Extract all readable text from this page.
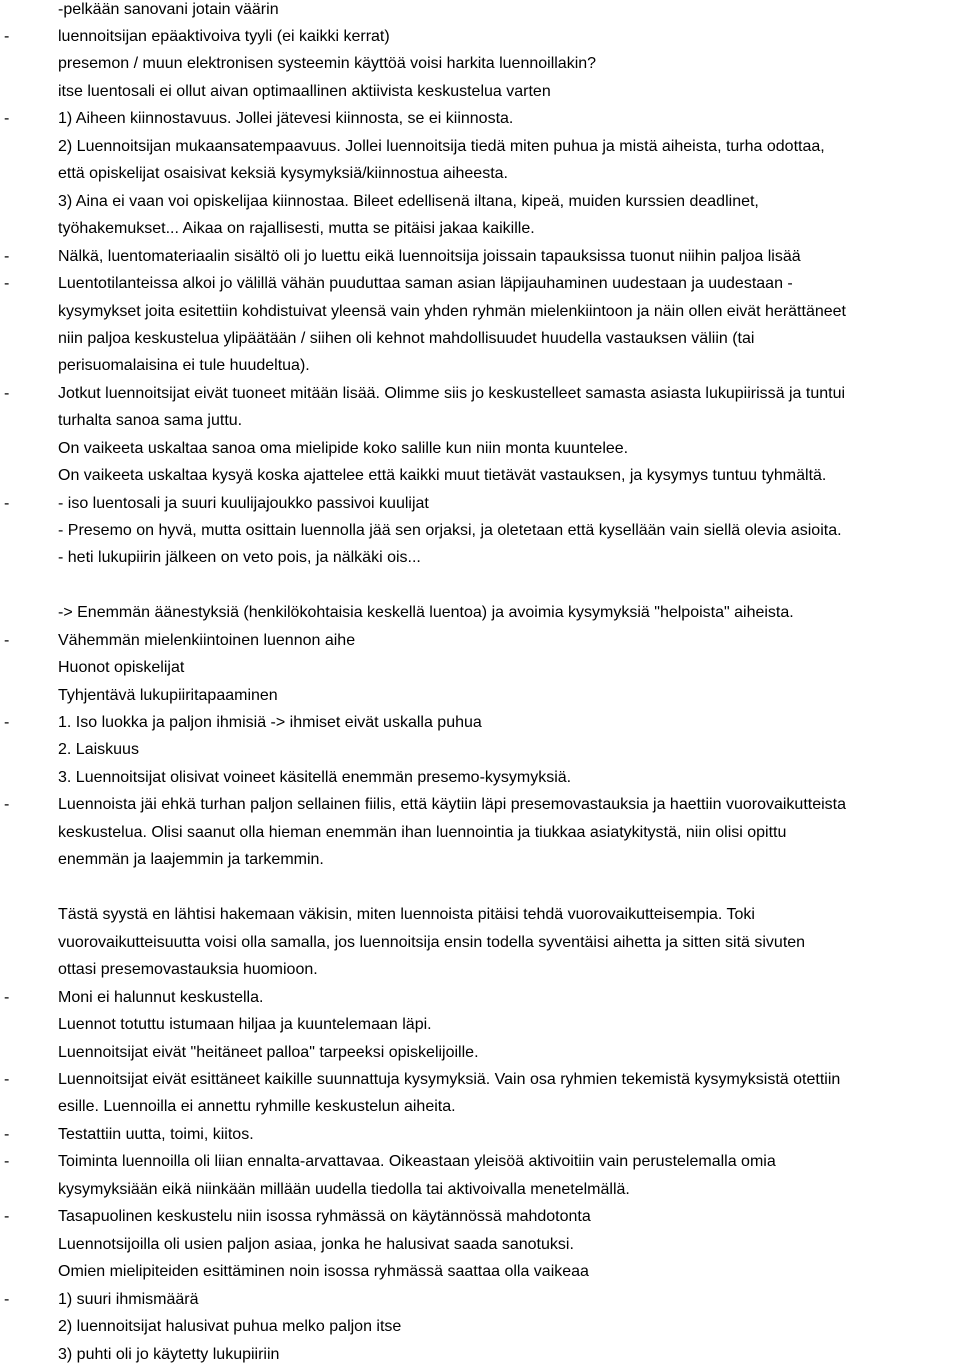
-pelkään sanovani jotain väärin
-	luennoitsijan epäaktivoiva tyyli (ei kaikki kerrat)
presemon / muun elektronisen systeemin käyttöä voisi harkita luennoillakin?
itse luentosali ei ollut aivan optimaallinen aktiivista keskustelua varten
-	1) Aiheen kiinnostavuus. Jollei jätevesi kiinnosta, se ei kiinnosta.
2) Luennoitsijan mukaansatempaavuus. Jollei luennoitsija tiedä miten puhua ja mistä aiheista, turha odottaa,
että opiskelijat osaisivat keksiä kysymyksiä/kiinnostua aiheesta.
3) Aina ei vaan voi opiskelijaa kiinnostaa. Bileet edellisenä iltana, kipeä, muiden kurssien deadlinet,
työhakemukset... Aikaa on rajallisesti, mutta se pitäisi jakaa kaikille.
-	Nälkä, luentomateriaalin sisältö oli jo luettu eikä luennoitsija joissain tapauksissa tuonut niihin paljoa lisää
-	Luentotilanteissa alkoi jo välillä vähän puuduttaa saman asian läpijauhaminen uudestaan ja uudestaan -
kysymykset joita esitettiin kohdistuivat yleensä vain yhden ryhmän mielenkiintoon ja näin ollen eivät herättäneet
niin paljoa keskustelua ylipäätään / siihen oli kehnot mahdollisuudet huudella vastauksen väliin (tai
perisuomalaisina ei tule huudeltua).
-	Jotkut luennoitsijat eivät tuoneet mitään lisää. Olimme siis jo keskustelleet samasta asiasta lukupiirissä ja tuntui
turhalta sanoa sama juttu.
On vaikeeta uskaltaa sanoa oma mielipide koko salille kun niin monta kuuntelee.
On vaikeeta uskaltaa kysyä koska ajattelee että kaikki muut tietävät vastauksen, ja kysymys tuntuu tyhmältä.
-	- iso luentosali ja suuri kuulijajoukko passivoi kuulijat
- Presemo on hyvä, mutta osittain luennolla jää sen orjaksi, ja oletetaan että kysellään vain siellä olevia asioita.
- heti lukupiirin jälkeen on veto pois, ja nälkäki ois...
-> Enemmän äänestyksiä (henkilökohtaisia keskellä luentoa) ja avoimia kysymyksiä "helpoista" aiheista.
-	Vähemmän mielenkiintoinen luennon aihe
Huonot opiskelijat
Tyhjentävä lukupiiritapaaminen
-	1. Iso luokka ja paljon ihmisiä -> ihmiset eivät uskalla puhua
2. Laiskuus
3. Luennoitsijat olisivat voineet käsitellä enemmän presemo-kysymyksiä.
-	Luennoista jäi ehkä turhan paljon sellainen fiilis, että käytiin läpi presemovastauksia ja haettiin vuorovaikutteista
keskustelua. Olisi saanut olla hieman enemmän ihan luennointia ja tiukkaa asiatykitystä, niin olisi opittu
enemmän ja laajemmin ja tarkemmin.
Tästä syystä en lähtisi hakemaan väkisin, miten luennoista pitäisi tehdä vuorovaikutteisempia. Toki
vuorovaikutteisuutta voisi olla samalla, jos luennoitsija ensin todella syventäisi aihetta ja sitten sitä sivuten
ottasi presemovastauksia huomioon.
-	Moni ei halunnut keskustella.
Luennot totuttu istumaan hiljaa ja kuuntelemaan läpi.
Luennoitsijat eivät "heitäneet palloa" tarpeeksi opiskelijoille.
-	Luennoitsijat eivät esittäneet kaikille suunnattuja kysymyksiä. Vain osa ryhmien tekemistä kysymyksistä otettiin
esille. Luennoilla ei annettu ryhmille keskustelun aiheita.
-	Testattiin uutta, toimi, kiitos.
-	Toiminta luennoilla oli liian ennalta-arvattavaa. Oikeastaan yleisöä aktivoitiin vain perustelemalla omia
kysymyksiään eikä niinkään millään uudella tiedolla tai aktivoivalla menetelmällä.
-	Tasapuolinen keskustelu niin isossa ryhmässä on käytännössä mahdotonta
Luennotsijoilla oli usien paljon asiaa, jonka he halusivat saada sanotuksi.
Omien mielipiteiden esittäminen noin isossa ryhmässä saattaa olla vaikeaa
-	1) suuri ihmismäärä
2) luennoitsijat halusivat puhua melko paljon itse
3) puhti oli jo käytetty lukupiiriin
